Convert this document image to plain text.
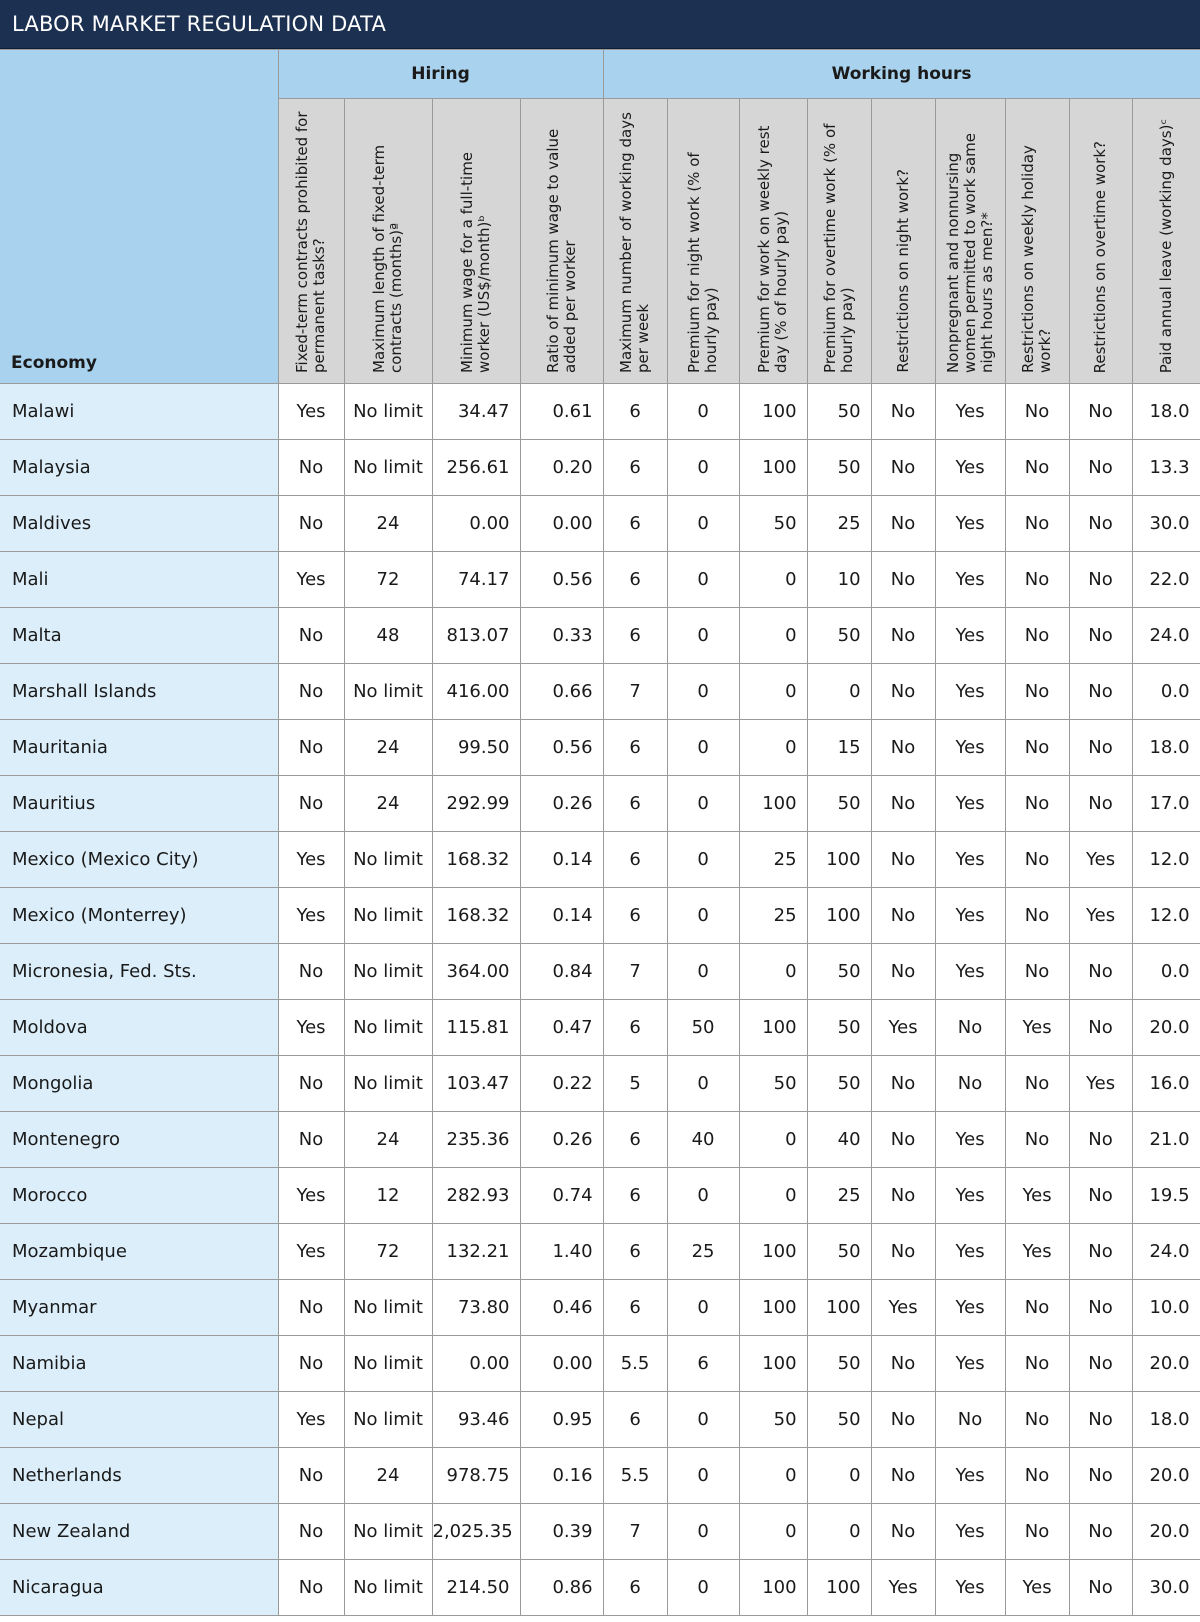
LABOR MARKET REGULATION DATA
Economy	Hiring				Working hours								

	Fixed-term contracts prohibited for permanent tasks?	Maximum length of fixed-term contracts (months)ª	Minimum wage for a full-time worker (US$/month)ᵇ	Ratio of minimum wage to value added per worker	Maximum number of working days per week	Premium for night work (% of hourly pay)	Premium for work on weekly rest day (% of hourly pay)	Premium for overtime work (% of hourly pay)	Restrictions on night work?	Nonpregnant and nonnursing women permitted to work same night hours as men?*	Restrictions on weekly holiday work?	Restrictions on overtime work?	Paid annual leave (working days)ᶜ

Malawi	Yes	No limit	34.47	0.61	6	0	100	50	No	Yes	No	No	18.0
Malaysia	No	No limit	256.61	0.20	6	0	100	50	No	Yes	No	No	13.3
Maldives	No	24	0.00	0.00	6	0	50	25	No	Yes	No	No	30.0
Mali	Yes	72	74.17	0.56	6	0	0	10	No	Yes	No	No	22.0
Malta	No	48	813.07	0.33	6	0	0	50	No	Yes	No	No	24.0
Marshall Islands	No	No limit	416.00	0.66	7	0	0	0	No	Yes	No	No	0.0
Mauritania	No	24	99.50	0.56	6	0	0	15	No	Yes	No	No	18.0
Mauritius	No	24	292.99	0.26	6	0	100	50	No	Yes	No	No	17.0
Mexico (Mexico City)	Yes	No limit	168.32	0.14	6	0	25	100	No	Yes	No	Yes	12.0
Mexico (Monterrey)	Yes	No limit	168.32	0.14	6	0	25	100	No	Yes	No	Yes	12.0
Micronesia, Fed. Sts.	No	No limit	364.00	0.84	7	0	0	50	No	Yes	No	No	0.0
Moldova	Yes	No limit	115.81	0.47	6	50	100	50	Yes	No	Yes	No	20.0
Mongolia	No	No limit	103.47	0.22	5	0	50	50	No	No	No	Yes	16.0
Montenegro	No	24	235.36	0.26	6	40	0	40	No	Yes	No	No	21.0
Morocco	Yes	12	282.93	0.74	6	0	0	25	No	Yes	Yes	No	19.5
Mozambique	Yes	72	132.21	1.40	6	25	100	50	No	Yes	Yes	No	24.0
Myanmar	No	No limit	73.80	0.46	6	0	100	100	Yes	Yes	No	No	10.0
Namibia	No	No limit	0.00	0.00	5.5	6	100	50	No	Yes	No	No	20.0
Nepal	Yes	No limit	93.46	0.95	6	0	50	50	No	No	No	No	18.0
Netherlands	No	24	978.75	0.16	5.5	0	0	0	No	Yes	No	No	20.0
New Zealand	No	No limit	2,025.35	0.39	7	0	0	0	No	Yes	No	No	20.0
Nicaragua	No	No limit	214.50	0.86	6	0	100	100	Yes	Yes	Yes	No	30.0
